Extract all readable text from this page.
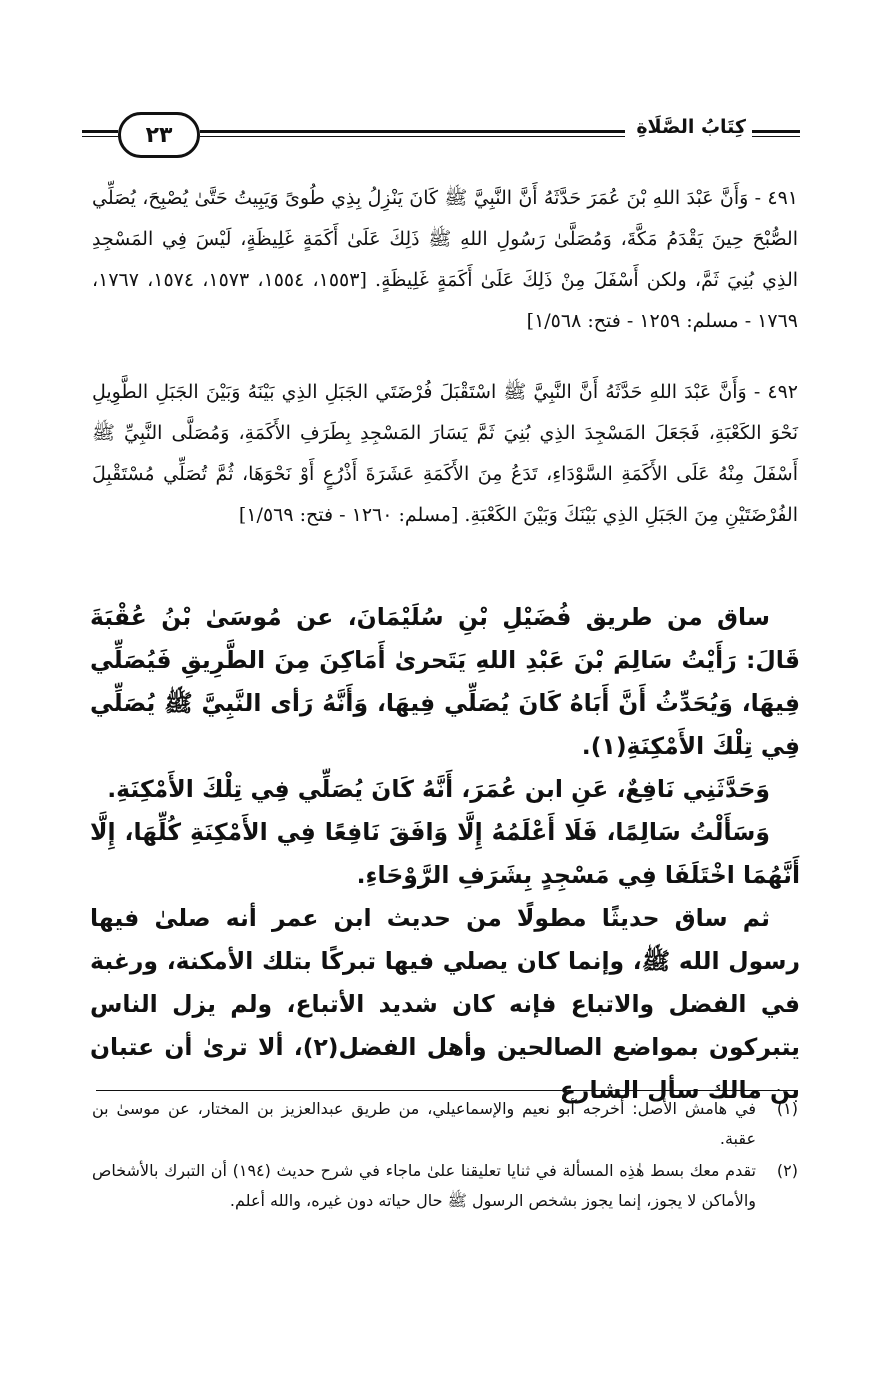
٢٣	كِتَابُ الصَّلَاةِ

٤٩١ - وَأَنَّ عَبْدَ اللهِ بْنَ عُمَرَ حَدَّثَهُ أَنَّ النَّبِيَّ ﷺ كَانَ يَنْزِلُ بِذِي طُوىً وَيَبِيتُ حَتَّىٰ يُصْبِحَ، يُصَلِّي الصُّبْحَ حِينَ يَقْدَمُ مَكَّةَ، وَمُصَلَّىٰ رَسُولِ اللهِ ﷺ ذَلِكَ عَلَىٰ أَكَمَةٍ غَلِيظَةٍ، لَيْسَ فِي المَسْجِدِ الذِي بُنِيَ ثَمَّ، ولكن أَسْفَلَ مِنْ ذَلِكَ عَلَىٰ أَكَمَةٍ غَلِيظَةٍ. [١٥٥٣، ١٥٥٤، ١٥٧٣، ١٥٧٤، ١٧٦٧، ١٧٦٩ - مسلم: ١٢٥٩ - فتح: ١/٥٦٨]

٤٩٢ - وَأَنَّ عَبْدَ اللهِ حَدَّثَهُ أَنَّ النَّبِيَّ ﷺ اسْتَقْبَلَ فُرْضَتَي الجَبَلِ الذِي بَيْنَهُ وَبَيْنَ الجَبَلِ الطَّوِيلِ نَحْوَ الكَعْبَةِ، فَجَعَلَ المَسْجِدَ الذِي بُنِيَ ثَمَّ يَسَارَ المَسْجِدِ بِطَرَفِ الأَكَمَةِ، وَمُصَلَّى النَّبِيِّ ﷺ أَسْفَلَ مِنْهُ عَلَى الأَكَمَةِ السَّوْدَاءِ، تَدَعُ مِنَ الأَكَمَةِ عَشَرَةَ أَذْرُعٍ أَوْ نَحْوَهَا، ثُمَّ تُصَلِّي مُسْتَقْبِلَ الفُرْضَتَيْنِ مِنَ الجَبَلِ الذِي بَيْنَكَ وَبَيْنَ الكَعْبَةِ. [مسلم: ١٢٦٠ - فتح: ١/٥٦٩]

ساق من طريق فُضَيْلِ بْنِ سُلَيْمَانَ، عن مُوسَىٰ بْنُ عُقْبَةَ قَالَ: رَأَيْتُ سَالِمَ بْنَ عَبْدِ اللهِ يَتَحرىٰ أَمَاكِنَ مِنَ الطَّرِيقِ فَيُصَلِّي فِيهَا، وَيُحَدِّثُ أَنَّ أَبَاهُ كَانَ يُصَلِّي فِيهَا، وَأَنَّهُ رَأى النَّبِيَّ ﷺ يُصَلِّي فِي تِلْكَ الأَمْكِنَةِ(١).

وَحَدَّثَنِي نَافِعٌ، عَنِ ابن عُمَرَ، أَنَّهُ كَانَ يُصَلِّي فِي تِلْكَ الأَمْكِنَةِ.

وَسَأَلْتُ سَالِمًا، فَلَا أَعْلَمُهُ إِلَّا وَافَقَ نَافِعًا فِي الأَمْكِنَةِ كُلِّهَا، إِلَّا أَنَّهُمَا اخْتَلَفَا فِي مَسْجِدٍ بِشَرَفِ الرَّوْحَاءِ.

ثم ساق حديثًا مطولًا من حديث ابن عمر أنه صلىٰ فيها رسول الله ﷺ، وإنما كان يصلي فيها تبركًا بتلك الأمكنة، ورغبة في الفضل والاتباع فإنه كان شديد الأتباع، ولم يزل الناس يتبركون بمواضع الصالحين وأهل الفضل(٢)، ألا ترىٰ أن عتبان بن مالك سأل الشارع

(١)
في هامش الأصل: أخرجه أبو نعيم والإسماعيلي، من طريق عبدالعزيز بن المختار، عن موسىٰ بن عقبة.
(٢)
تقدم معك بسط هٰذِه المسألة في ثنايا تعليقنا علىٰ ماجاء في شرح حديث (١٩٤) أن التبرك بالأشخاص والأماكن لا يجوز، إنما يجوز بشخص الرسول ﷺ حال حياته دون غيره، والله أعلم.
